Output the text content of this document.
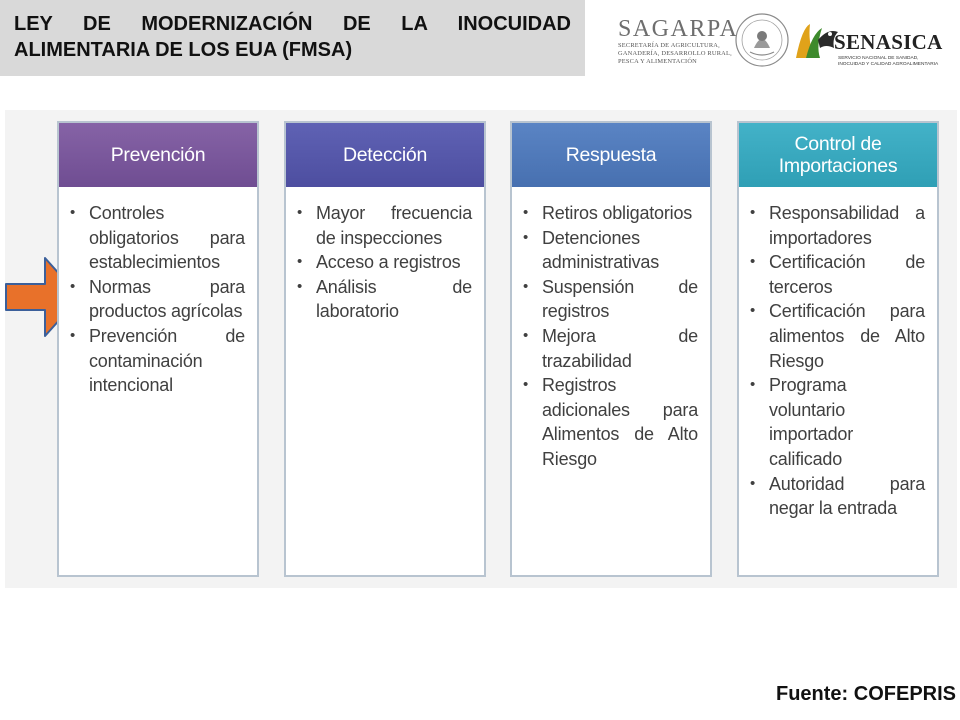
LEY DE MODERNIZACIÓN DE LA INOCUIDAD
ALIMENTARIA DE LOS EUA (FMSA)
SAGARPA
SECRETARÍA DE AGRICULTURA,
GANADERÍA, DESARROLLO RURAL,
PESCA Y ALIMENTACIÓN
SENASICA
SERVICIO NACIONAL DE SANIDAD,
INOCUIDAD Y CALIDAD AGROALIMENTARIA
Prevención
• Controles obligatorios para establecimientos
• Normas para productos agrícolas
• Prevención de contaminación intencional
Detección
• Mayor frecuencia de inspecciones
• Acceso a registros
• Análisis de laboratorio
Respuesta
• Retiros obligatorios
• Detenciones administrativas
• Suspensión de registros
• Mejora de trazabilidad
• Registros adicionales para Alimentos de Alto Riesgo
Control de Importaciones
• Responsabilidad a importadores
• Certificación de terceros
• Certificación para alimentos de Alto Riesgo
• Programa voluntario importador calificado
• Autoridad para negar la entrada
Fuente: COFEPRIS
